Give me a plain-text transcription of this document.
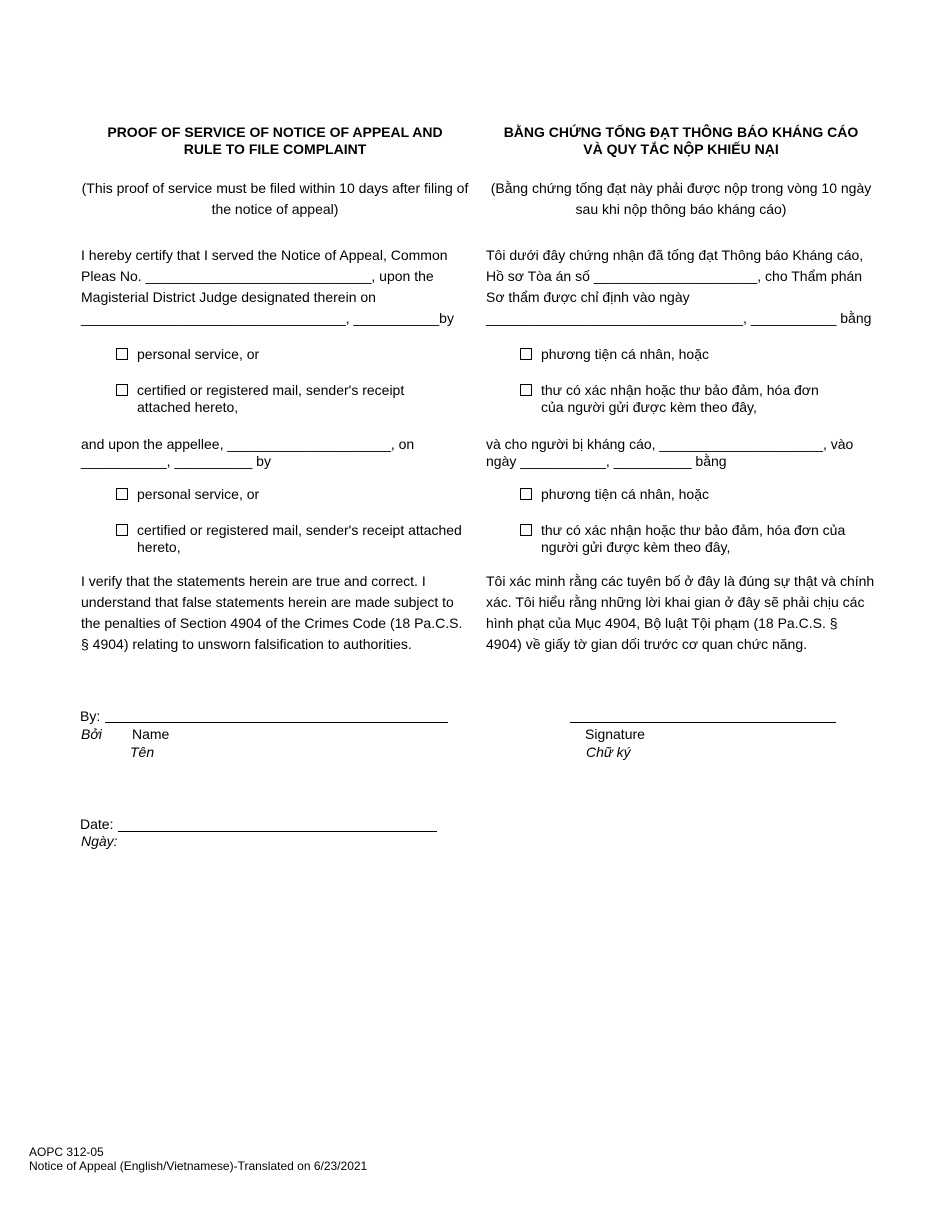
PROOF OF SERVICE OF NOTICE OF APPEAL AND
RULE TO FILE COMPLAINT
(This proof of service must be filed within 10 days after filing of
the notice of appeal)
I hereby certify that I served the Notice of Appeal, Common
Pleas No. _____________________________, upon the
Magisterial District Judge designated therein on
__________________________________, ___________by
personal service, or
certified or registered mail, sender's receipt
attached hereto,
and upon the appellee, _____________________, on
___________, __________ by
personal service, or
certified or registered mail, sender's receipt attached
hereto,
I verify that the statements herein are true and correct. I
understand that false statements herein are made subject to
the penalties of Section 4904 of the Crimes Code (18 Pa.C.S.
§ 4904) relating to unsworn falsification to authorities.
BẰNG CHỨNG TỐNG ĐẠT THÔNG BÁO KHÁNG CÁO
VÀ QUY TẮC NỘP KHIẾU NẠI
(Bằng chứng tống đạt này phải được nộp trong vòng 10 ngày
sau khi nộp thông báo kháng cáo)
Tôi dưới đây chứng nhận đã tống đạt Thông báo Kháng cáo,
Hồ sơ Tòa án số _____________________, cho Thẩm phán
Sơ thẩm được chỉ định vào ngày
_________________________________, ___________ bằng
phương tiện cá nhân, hoặc
thư có xác nhận hoặc thư bảo đảm, hóa đơn
của người gửi được kèm theo đây,
và cho người bị kháng cáo, _____________________, vào
ngày ___________, __________ bằng
phương tiện cá nhân, hoặc
thư có xác nhận hoặc thư bảo đảm, hóa đơn của
người gửi được kèm theo đây,
Tôi xác minh rằng các tuyên bố ở đây là đúng sự thật và chính
xác. Tôi hiểu rằng những lời khai gian ở đây sẽ phải chịu các
hình phạt của Mục 4904, Bộ luật Tội phạm (18 Pa.C.S. §
4904) về giấy tờ gian dối trước cơ quan chức năng.
By:
Bởi Name
Tên
Signature
Chữ ký
Date:
Ngày:
AOPC 312-05
Notice of Appeal (English/Vietnamese)-Translated on 6/23/2021
